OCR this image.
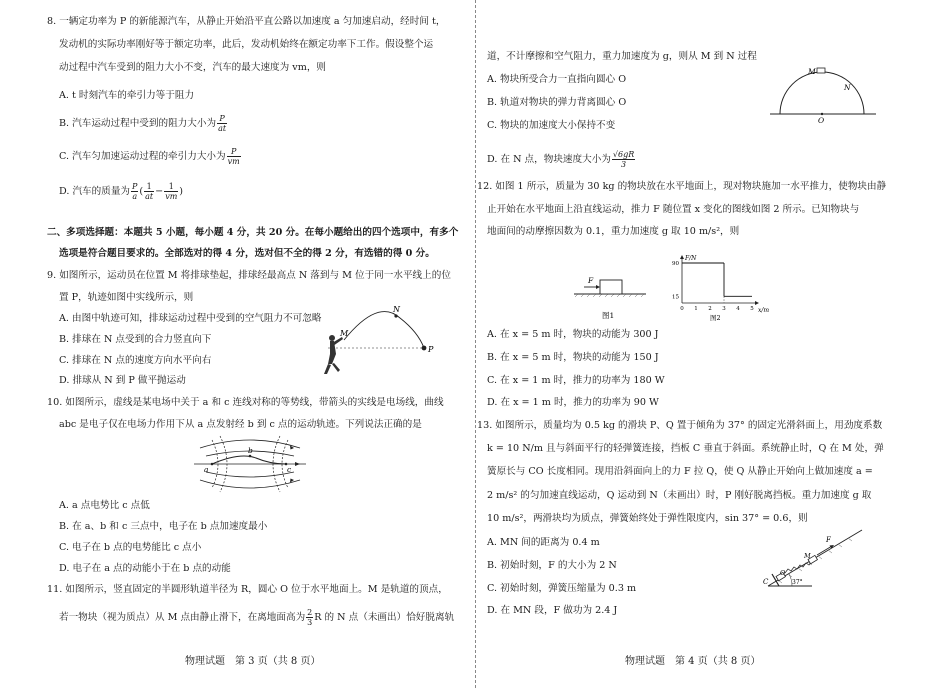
8. 一辆定功率为 P 的新能源汽车，从静止开始沿平直公路以加速度 a 匀加速启动，经时间 t，
发动机的实际功率刚好等于额定功率，此后，发动机始终在额定功率下工作。假设整个运
动过程中汽车受到的阻力大小不变，汽车的最大速度为 vm，则
A. t 时刻汽车的牵引力等于阻力
B. 汽车运动过程中受到的阻力大小为 $\frac{P}{at}$
C. 汽车匀加速运动过程的牵引力大小为 $\frac{P}{vm}$
D. 汽车的质量为 $\frac{P}{a}$ ( $\frac{1}{at} - \frac{1}{vm}$ )
二、多项选择题：本题共 5 小题，每小题 4 分，共 20 分。在每小题给出的四个选项中，有多个
选项是符合题目要求的。全部选对的得 4 分，选对但不全的得 2 分，有选错的得 0 分。
9. 如图所示，运动员在位置 M 将排球垫起，排球经最高点 N 落到与 M 位于同一水平线上的位
置 P，轨迹如图中实线所示，则
A. 由图中轨迹可知，排球运动过程中受到的空气阻力不可忽略
B. 排球在 N 点受到的合力竖直向下
C. 排球在 N 点的速度方向水平向右
D. 排球从 N 到 P 做平抛运动
M
N
P
10. 如图所示，虚线是某电场中关于 a 和 c 连线对称的等势线，带箭头的实线是电场线，曲线
abc 是电子仅在电场力作用下从 a 点发射经 b 到 c 点的运动轨迹。下列说法正确的是
a
b
c
A. a 点电势比 c 点低
B. 在 a、b 和 c 三点中，电子在 b 点加速度最小
C. 电子在 b 点的电势能比 c 点小
D. 电子在 a 点的动能小于在 b 点的动能
11. 如图所示，竖直固定的半圆形轨道半径为 R，圆心 O 位于水平地面上。M 是轨道的顶点，
若一物块（视为质点）从 M 点由静止滑下，在离地面高为 $\frac{2}{3}$ R 的 N 点（未画出）恰好脱离轨
物理试题　第 3 页（共 8 页）
道，不计摩擦和空气阻力，重力加速度为 g，则从 M 到 N 过程
A. 物块所受合力一直指向圆心 O
B. 轨道对物块的弹力背离圆心 O
C. 物块的加速度大小保持不变
D. 在 N 点，物块速度大小为 $\frac{√6gR}{3}$
M
N
O
12. 如图 1 所示，质量为 30 kg 的物块放在水平地面上，现对物块施加一水平推力，使物块由静
止开始在水平地面上沿直线运动，推力 F 随位置 x 变化的图线如图 2 所示。已知物块与
地面间的动摩擦因数为 0.1，重力加速度 g 取 10 m/s²，则
F
图1
F/N
x/m
0 1 2 3 4 5
15
90
图2
A. 在 x = 5 m 时，物块的动能为 300 J
B. 在 x = 5 m 时，物块的动能为 150 J
C. 在 x = 1 m 时，推力的功率为 180 W
D. 在 x = 1 m 时，推力的功率为 90 W
13. 如图所示，质量均为 0.5 kg 的滑块 P、Q 置于倾角为 37° 的固定光滑斜面上，用劲度系数
k = 10 N/m 且与斜面平行的轻弹簧连接，挡板 C 垂直于斜面。系统静止时，Q 在 M 处，弹
簧原长与 CO 长度相同。现用沿斜面向上的力 F 拉 Q，使 Q 从静止开始向上做加速度 a =
2 m/s² 的匀加速直线运动，Q 运动到 N（未画出）时，P 刚好脱离挡板。重力加速度 g 取
10 m/s²，两滑块均为质点，弹簧始终处于弹性限度内，sin 37° = 0.6，则
A. MN 间的距离为 0.4 m
B. 初始时刻，F 的大小为 2 N
C. 初始时刻，弹簧压缩量为 0.3 m
D. 在 MN 段，F 做功为 2.4 J
F
M
O
C	37°
物理试题　第 4 页（共 8 页）
